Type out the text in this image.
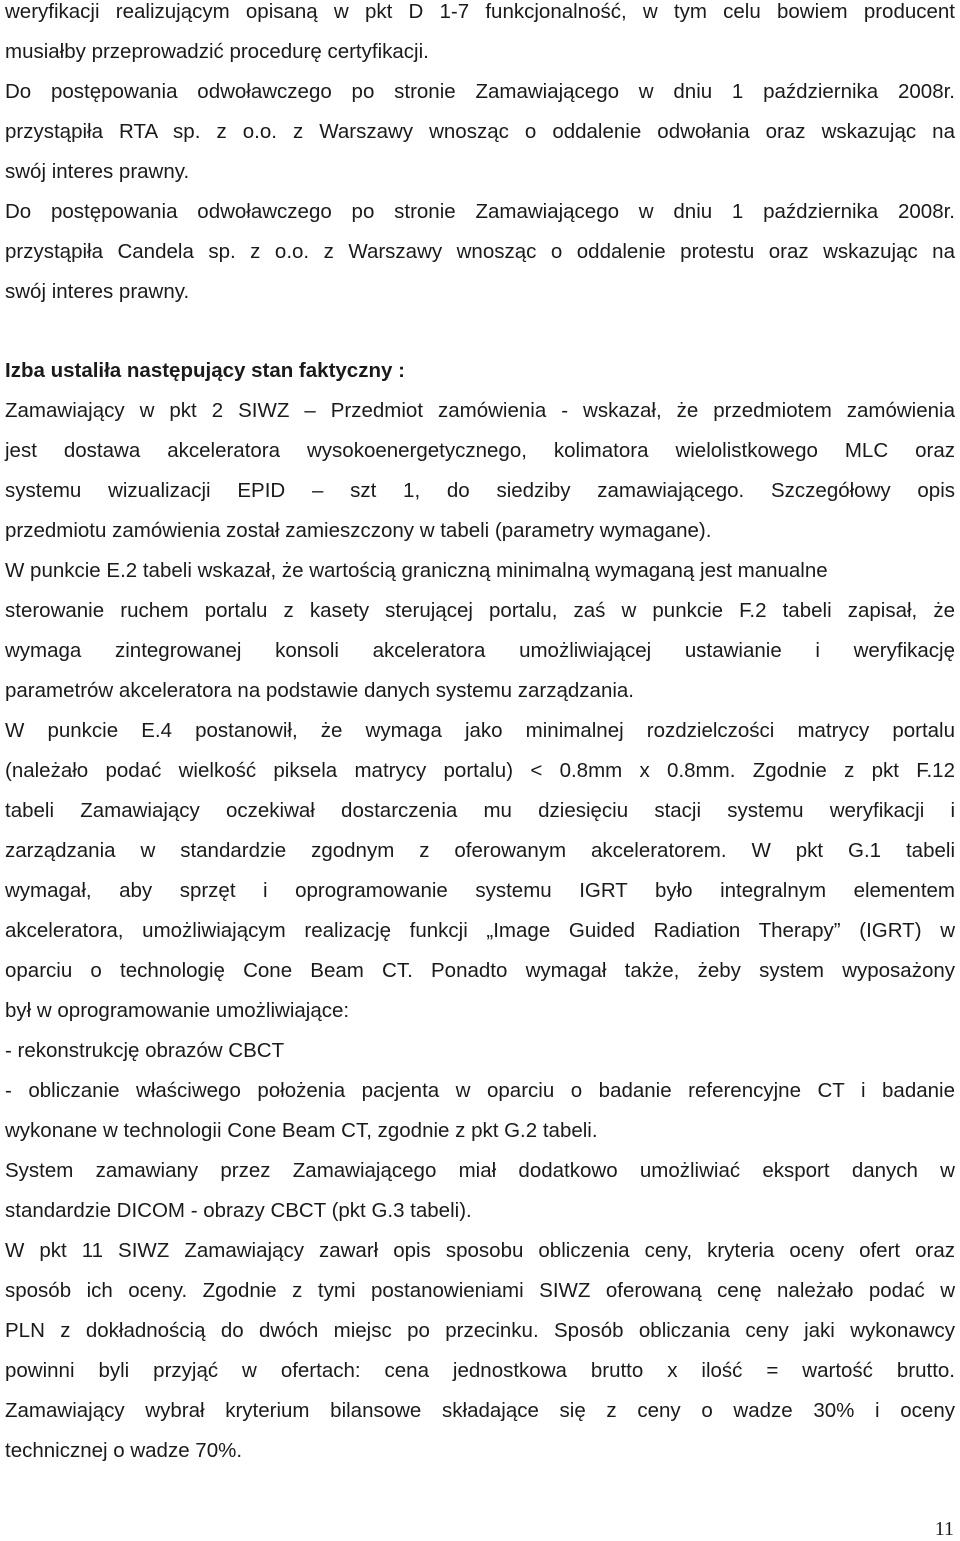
weryfikacji realizującym opisaną w pkt D 1-7 funkcjonalność, w tym celu bowiem producent
musiałby przeprowadzić procedurę certyfikacji.
Do postępowania odwoławczego po stronie Zamawiającego w dniu 1 października 2008r.
przystąpiła RTA sp. z o.o. z Warszawy wnosząc o oddalenie odwołania oraz wskazując na
swój interes prawny.
Do postępowania odwoławczego po stronie Zamawiającego w dniu 1 października 2008r.
przystąpiła Candela sp. z o.o. z Warszawy wnosząc o oddalenie protestu oraz wskazując na
swój interes prawny.
Izba ustaliła następujący stan faktyczny :
Zamawiający w pkt 2 SIWZ – Przedmiot zamówienia - wskazał, że przedmiotem zamówienia
jest dostawa akceleratora wysokoenergetycznego, kolimatora wielolistkowego MLC oraz
systemu wizualizacji EPID – szt 1, do siedziby zamawiającego. Szczegółowy opis
przedmiotu zamówienia został zamieszczony w tabeli (parametry wymagane).
W punkcie E.2 tabeli wskazał, że wartością graniczną minimalną wymaganą jest manualne
sterowanie ruchem portalu z kasety sterującej portalu, zaś w punkcie F.2 tabeli zapisał, że
wymaga zintegrowanej konsoli akceleratora umożliwiającej ustawianie i weryfikację
parametrów akceleratora na podstawie danych systemu zarządzania.
W punkcie E.4 postanowił, że wymaga jako minimalnej rozdzielczości matrycy portalu
(należało podać wielkość piksela matrycy portalu) < 0.8mm x 0.8mm. Zgodnie z pkt F.12
tabeli Zamawiający oczekiwał dostarczenia mu dziesięciu stacji systemu weryfikacji i
zarządzania w standardzie zgodnym z oferowanym akceleratorem. W pkt G.1 tabeli
wymagał, aby sprzęt i oprogramowanie systemu IGRT było integralnym elementem
akceleratora, umożliwiającym realizację funkcji „Image Guided Radiation Therapy” (IGRT) w
oparciu o technologię Cone Beam CT. Ponadto wymagał także, żeby system wyposażony
był w oprogramowanie umożliwiające:
- rekonstrukcję obrazów CBCT
- obliczanie właściwego położenia pacjenta w oparciu o badanie referencyjne CT i badanie
wykonane w technologii Cone Beam CT, zgodnie z pkt G.2 tabeli.
System zamawiany przez Zamawiającego miał dodatkowo umożliwiać eksport danych w
standardzie DICOM - obrazy CBCT (pkt G.3 tabeli).
W pkt 11 SIWZ Zamawiający zawarł opis sposobu obliczenia ceny, kryteria oceny ofert oraz
sposób ich oceny. Zgodnie z tymi postanowieniami SIWZ oferowaną cenę należało podać w
PLN z dokładnością do dwóch miejsc po przecinku. Sposób obliczania ceny jaki wykonawcy
powinni byli przyjąć w ofertach: cena jednostkowa brutto x ilość = wartość brutto.
Zamawiający wybrał kryterium bilansowe składające się z ceny o wadze 30% i oceny
technicznej o wadze 70%.
11
